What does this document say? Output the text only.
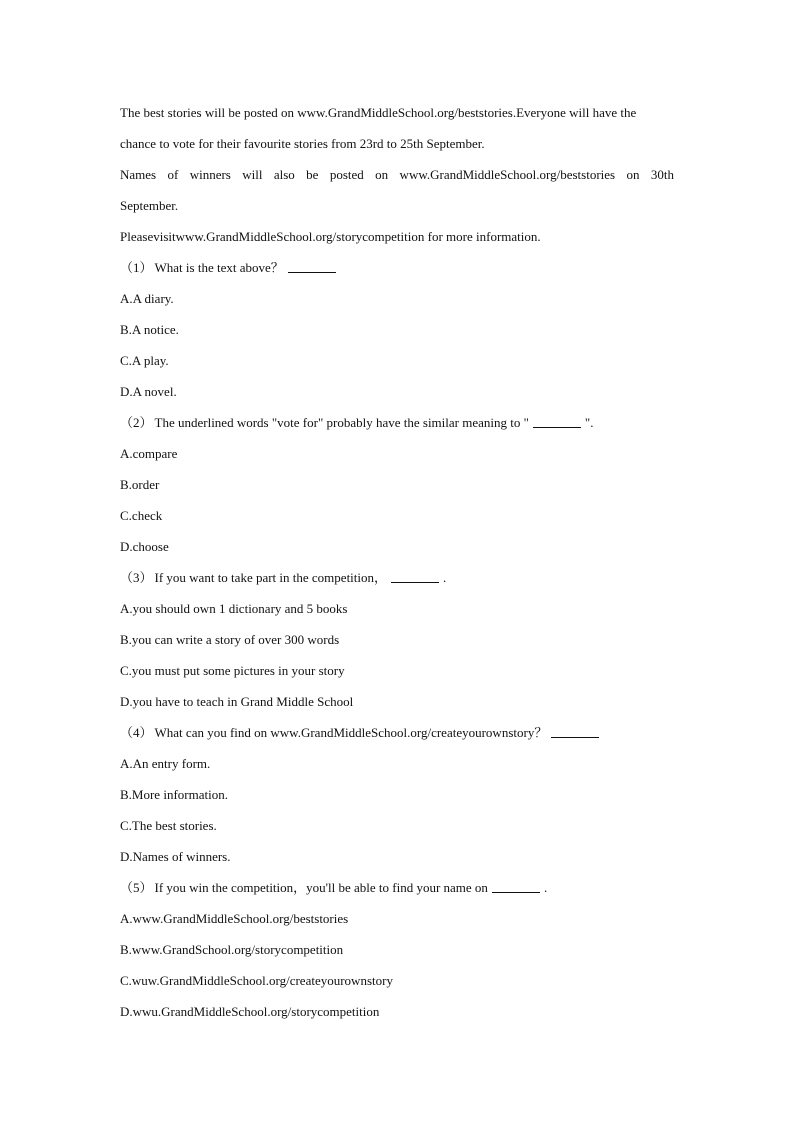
The best stories will be posted on www.GrandMiddleSchool.org/beststories.Everyone will have the
chance to vote for their favourite stories from 23rd to 25th September.
Names of winners will also be posted on www.GrandMiddleSchool.org/beststories on 30th
September.
Pleasevisitwww.GrandMiddleSchool.org/storycompetition for more information.
（1） What is the text above？
A.A diary.
B.A notice.
C.A play.
D.A novel.
（2） The underlined words "vote for" probably have the similar meaning to "	".
A.compare
B.order
C.check
D.choose
（3） If you want to take part in the competition，	.
A.you should own 1 dictionary and 5 books
B.you can write a story of over 300 words
C.you must put some pictures in your story
D.you have to teach in Grand Middle School
（4） What can you find on www.GrandMiddleSchool.org/createyourownstory？
A.An entry form.
B.More information.
C.The best stories.
D.Names of winners.
（5） If you win the competition，you'll be able to find your name on	.
A.www.GrandMiddleSchool.org/beststories
B.www.GrandSchool.org/storycompetition
C.wuw.GrandMiddleSchool.org/createyourownstory
D.wwu.GrandMiddleSchool.org/storycompetition
